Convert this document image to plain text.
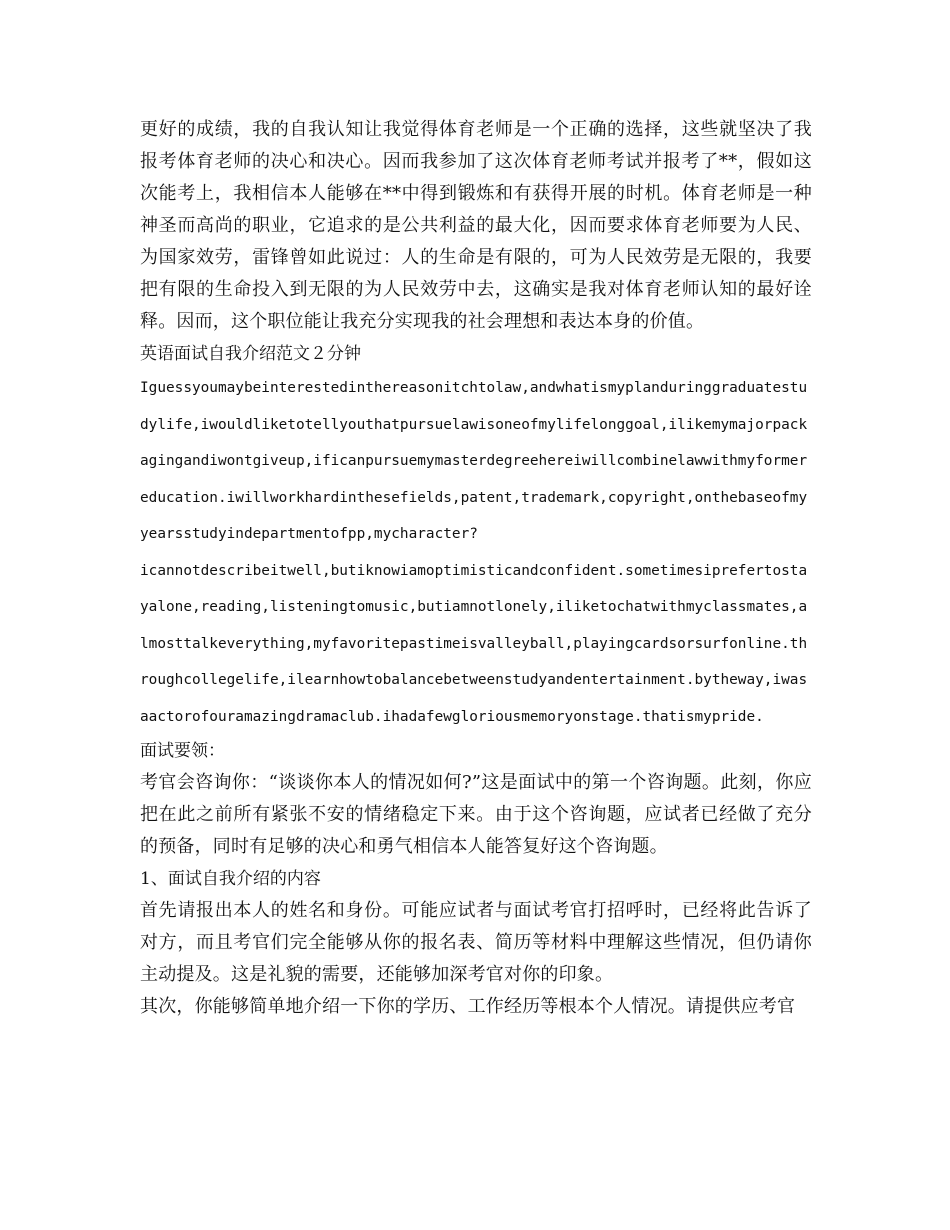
更好的成绩，我的自我认知让我觉得体育老师是一个正确的选择，这些就坚决了我报考体育老师的决心和决心。因而我参加了这次体育老师考试并报考了**，假如这次能考上，我相信本人能够在**中得到锻炼和有获得开展的时机。体育老师是一种神圣而高尚的职业，它追求的是公共利益的最大化，因而要求体育老师要为人民、为国家效劳，雷锋曾如此说过：人的生命是有限的，可为人民效劳是无限的，我要把有限的生命投入到无限的为人民效劳中去，这确实是我对体育老师认知的最好诠释。因而，这个职位能让我充分实现我的社会理想和表达本身的价值。

英语面试自我介绍范文２分钟

Iguessyoumaybeinterestedinthereasonitchtolaw,andwhatismyplanduringgraduatestudylife,iwouldliketotellyouthatpursuelawisoneofmylifelonggoal,ilikemymajorpackagingandiwontgiveup,ificanpursuemymasterdegreehereiwillcombinelawwithmyformereducation.iwillworkhardinthesefields,patent,trademark,copyright,onthebaseofmyyearsstudyindepartmentofpp,mycharacter?

icannotdescribeitwell,butiknowiamoptimisticandconfident.sometimesiprefertostayalone,reading,listeningtomusic,butiamnotlonely,iliketochatwithmyclassmates,almosttalkeverything,myfavoritepastimeisvalleyball,playingcardsorsurfonline.throughcollegelife,ilearnhowtobalancebetweenstudyandentertainment.bytheway,iwasaactorofouramazingdramaclub.ihadafewgloriousmemoryonstage.thatismypride.

面试要领：

考官会咨询你：“谈谈你本人的情况如何?”这是面试中的第一个咨询题。此刻，你应把在此之前所有紧张不安的情绪稳定下来。由于这个咨询题，应试者已经做了充分的预备，同时有足够的决心和勇气相信本人能答复好这个咨询题。

1、面试自我介绍的内容

首先请报出本人的姓名和身份。可能应试者与面试考官打招呼时，已经将此告诉了对方，而且考官们完全能够从你的报名表、简历等材料中理解这些情况，但仍请你主动提及。这是礼貌的需要，还能够加深考官对你的印象。

其次，你能够简单地介绍一下你的学历、工作经历等根本个人情况。请提供应考官
